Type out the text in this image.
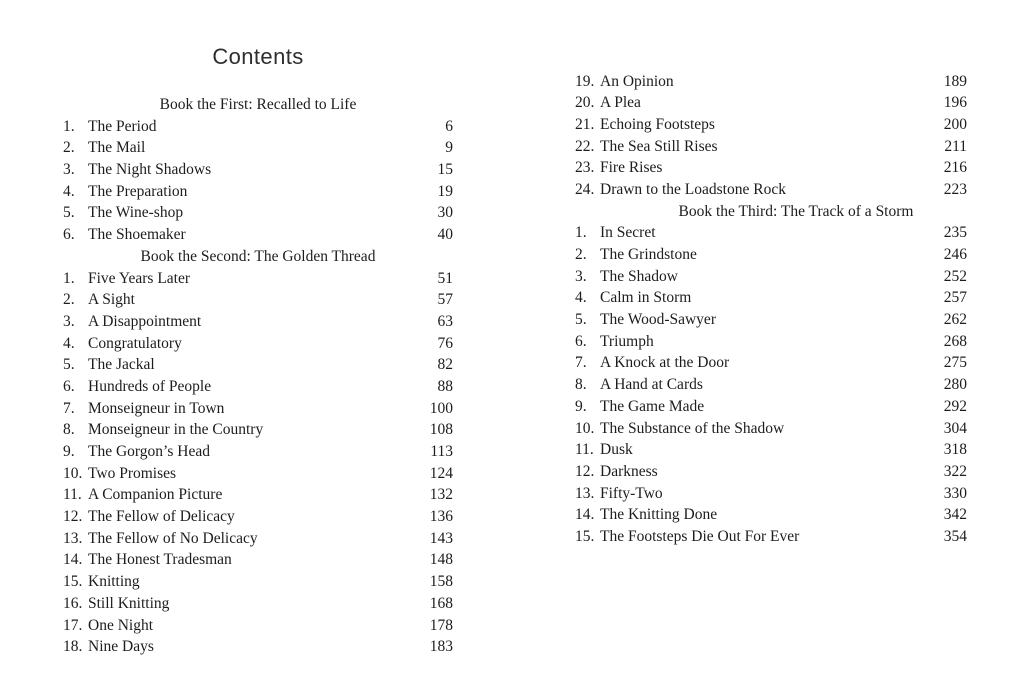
Contents
Book the First: Recalled to Life
1. The Period	6
2. The Mail	9
3. The Night Shadows	15
4. The Preparation	19
5. The Wine-shop	30
6. The Shoemaker	40
Book the Second: The Golden Thread
1. Five Years Later	51
2. A Sight	57
3. A Disappointment	63
4. Congratulatory	76
5. The Jackal	82
6. Hundreds of People	88
7. Monseigneur in Town	100
8. Monseigneur in the Country	108
9. The Gorgon’s Head	113
10. Two Promises	124
11. A Companion Picture	132
12. The Fellow of Delicacy	136
13. The Fellow of No Delicacy	143
14. The Honest Tradesman	148
15. Knitting	158
16. Still Knitting	168
17. One Night	178
18. Nine Days	183
19. An Opinion	189
20. A Plea	196
21. Echoing Footsteps	200
22. The Sea Still Rises	211
23. Fire Rises	216
24. Drawn to the Loadstone Rock	223
Book the Third: The Track of a Storm
1. In Secret	235
2. The Grindstone	246
3. The Shadow	252
4. Calm in Storm	257
5. The Wood-Sawyer	262
6. Triumph	268
7. A Knock at the Door	275
8. A Hand at Cards	280
9. The Game Made	292
10. The Substance of the Shadow	304
11. Dusk	318
12. Darkness	322
13. Fifty-Two	330
14. The Knitting Done	342
15. The Footsteps Die Out For Ever	354
